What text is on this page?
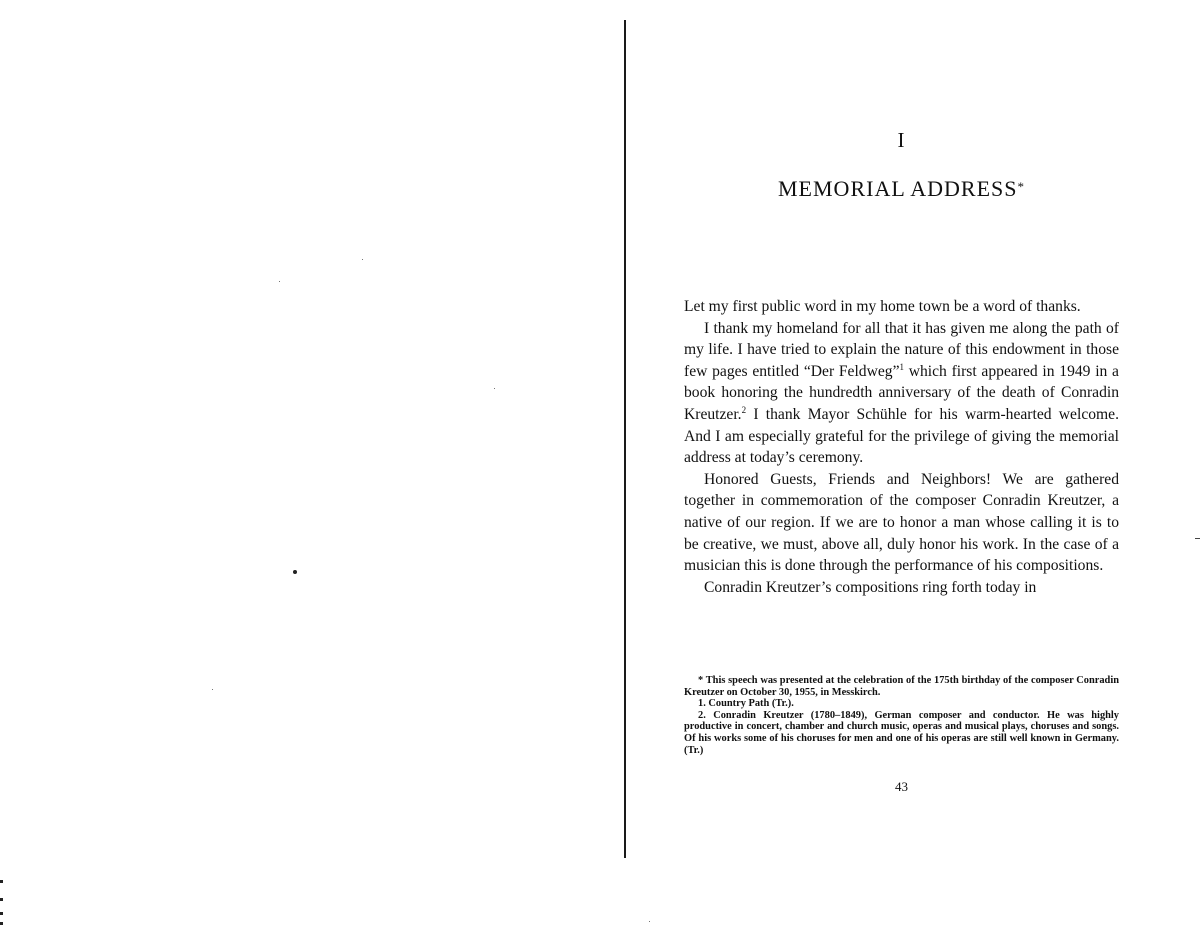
I
MEMORIAL ADDRESS*

Let my first public word in my home town be a word of thanks.

I thank my homeland for all that it has given me along the path of my life. I have tried to explain the nature of this endowment in those few pages entitled “Der Feldweg”$^1$ which first appeared in 1949 in a book honoring the hundredth anniversary of the death of Conradin Kreutzer.$^2$ I thank Mayor Schühle for his warm-hearted welcome. And I am especially grateful for the privilege of giving the memorial address at today’s ceremony.

Honored Guests, Friends and Neighbors! We are gathered together in commemoration of the composer Conradin Kreutzer, a native of our region. If we are to honor a man whose calling it is to be creative, we must, above all, duly honor his work. In the case of a musician this is done through the performance of his compositions.

Conradin Kreutzer’s compositions ring forth today in

* This speech was presented at the celebration of the 175th birthday of the composer Conradin Kreutzer on October 30, 1955, in Messkirch.

1. Country Path (Tr.).

2. Conradin Kreutzer (1780–1849), German composer and conductor. He was highly productive in concert, chamber and church music, operas and musical plays, choruses and songs. Of his works some of his choruses for men and one of his operas are still well known in Germany. (Tr.)

43
